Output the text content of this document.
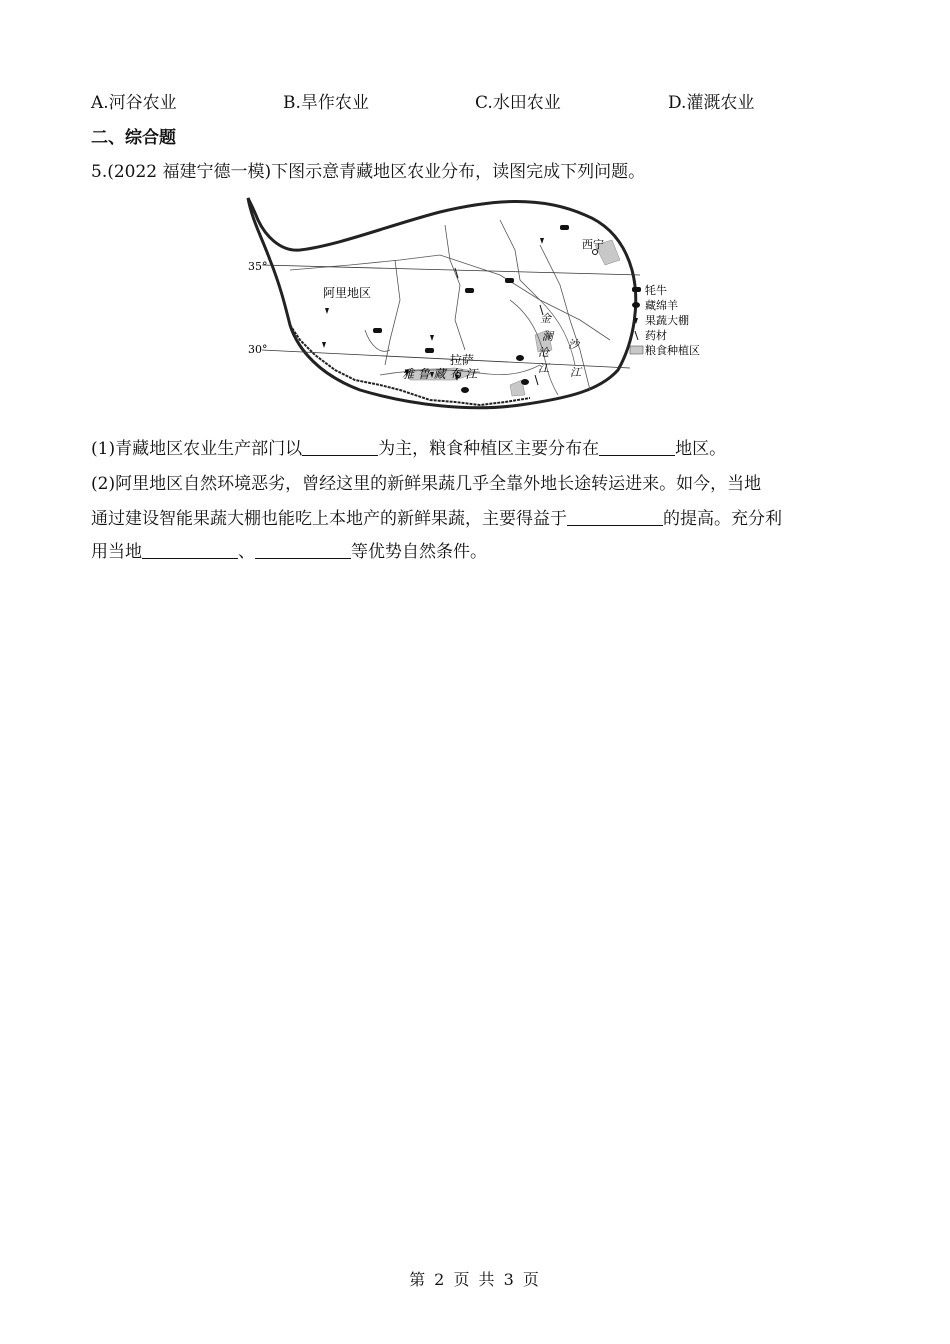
A.河谷农业	B.旱作农业	C.水田农业	D.灌溉农业
二、综合题
5.(2022 福建宁德一模)下图示意青藏地区农业分布，读图完成下列问题。
35°
30°
阿里地区
拉萨
西宁
雅 鲁 藏 布 江
金
沙
江
澜
沧
江
牦牛
藏绵羊
果蔬大棚
药材
粮食种植区
(1)青藏地区农业生产部门以	为主，粮食种植区主要分布在	地区。
(2)阿里地区自然环境恶劣，曾经这里的新鲜果蔬几乎全靠外地长途转运进来。如今，当地
通过建设智能果蔬大棚也能吃上本地产的新鲜果蔬，主要得益于	的提高。充分利
用当地	、	等优势自然条件。
第 2 页 共 3 页
